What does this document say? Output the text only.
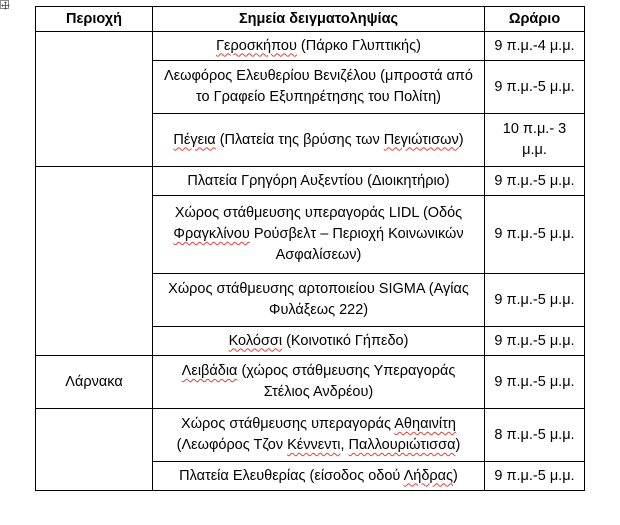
Περιοχή	Σημεία δειγματοληψίας	Ωράριο
	Γεροσκήπου (Πάρκο Γλυπτικής)	9 π.μ.-4 μ.μ.
	Λεωφόρος Ελευθερίου Βενιζέλου (μπροστά από το Γραφείο Εξυπηρέτησης του Πολίτη)	9 π.μ.-5 μ.μ.
	Πέγεια (Πλατεία της βρύσης των Πεγιώτισων)	10 π.μ.- 3 μ.μ.
	Πλατεία Γρηγόρη Αυξεντίου (Διοικητήριο)	9 π.μ.-5 μ.μ.
	Χώρος στάθμευσης υπεραγοράς LIDL (Οδός Φραγκλίνου Ρούσβελτ – Περιοχή Κοινωνικών Ασφαλίσεων)	9 π.μ.-5 μ.μ.
	Χώρος στάθμευσης αρτοποιείου SIGMA (Αγίας Φυλάξεως 222)	9 π.μ.-5 μ.μ.
	Κολόσσι (Κοινοτικό Γήπεδο)	9 π.μ.-5 μ.μ.
Λάρνακα	Λειβάδια (χώρος στάθμευσης Υπεραγοράς Στέλιος Ανδρέου)	9 π.μ.-5 μ.μ.
	Χώρος στάθμευσης υπεραγοράς Αθηαινίτη (Λεωφόρος Τζον Κέννεντι, Παλλουριώτισσα)	8 π.μ.-5 μ.μ.
	Πλατεία Ελευθερίας (είσοδος οδού Λήδρας)	9 π.μ.-5 μ.μ.
